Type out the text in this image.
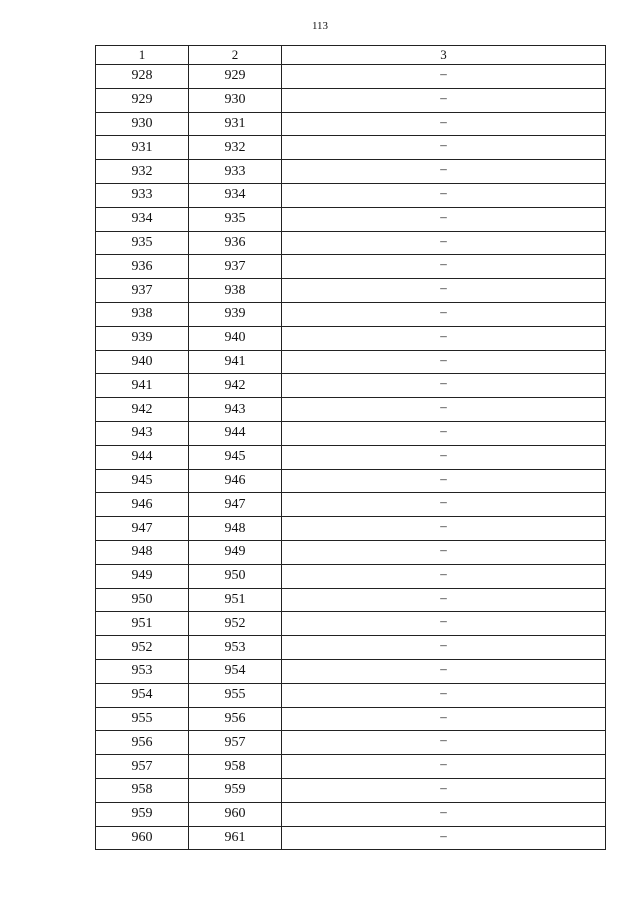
113
1	2	3
928	929	–
929	930	–
930	931	–
931	932	–
932	933	–
933	934	–
934	935	–
935	936	–
936	937	–
937	938	–
938	939	–
939	940	–
940	941	–
941	942	–
942	943	–
943	944	–
944	945	–
945	946	–
946	947	–
947	948	–
948	949	–
949	950	–
950	951	–
951	952	–
952	953	–
953	954	–
954	955	–
955	956	–
956	957	–
957	958	–
958	959	–
959	960	–
960	961	–
